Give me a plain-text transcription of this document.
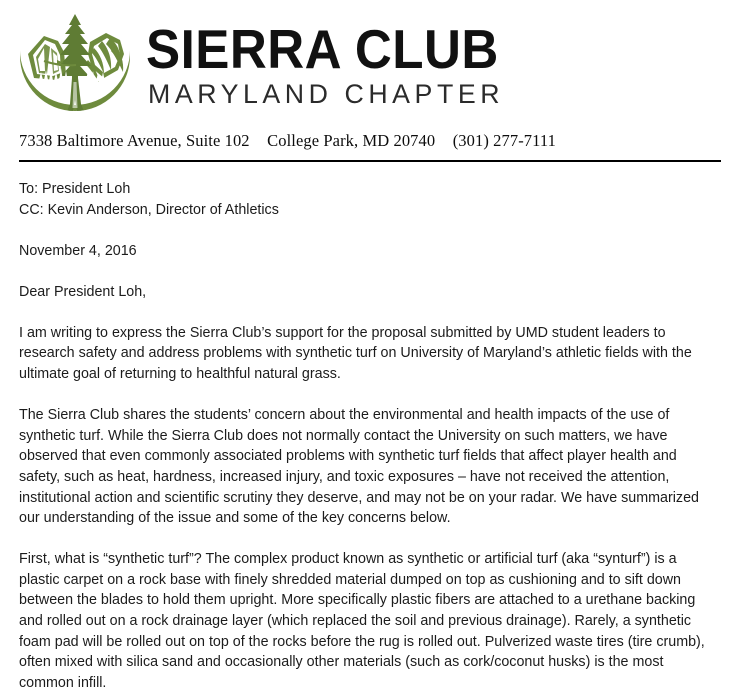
SIERRA CLUB
MARYLAND CHAPTER
7338 Baltimore Avenue, Suite 102 College Park, MD 20740 (301) 277-7111
To: President Loh
CC: Kevin Anderson, Director of Athletics
November 4, 2016
Dear President Loh,

I am writing to express the Sierra Club’s support for the proposal submitted by UMD student leaders to research safety and address problems with synthetic turf on University of Maryland’s athletic fields with the ultimate goal of returning to healthful natural grass.

The Sierra Club shares the students’ concern about the environmental and health impacts of the use of synthetic turf. While the Sierra Club does not normally contact the University on such matters, we have observed that even commonly associated problems with synthetic turf fields that affect player health and safety, such as heat, hardness, increased injury, and toxic exposures – have not received the attention, institutional action and scientific scrutiny they deserve, and may not be on your radar. We have summarized our understanding of the issue and some of the key concerns below.

First, what is “synthetic turf”? The complex product known as synthetic or artificial turf (aka “synturf”) is a plastic carpet on a rock base with finely shredded material dumped on top as cushioning and to sift down between the blades to hold them upright. More specifically plastic fibers are attached to a urethane backing and rolled out on a rock drainage layer (which replaced the soil and previous drainage). Rarely, a synthetic foam pad will be rolled out on top of the rocks before the rug is rolled out. Pulverized waste tires (tire crumb), often mixed with silica sand and occasionally other materials (such as cork/coconut husks) is the most common infill.
